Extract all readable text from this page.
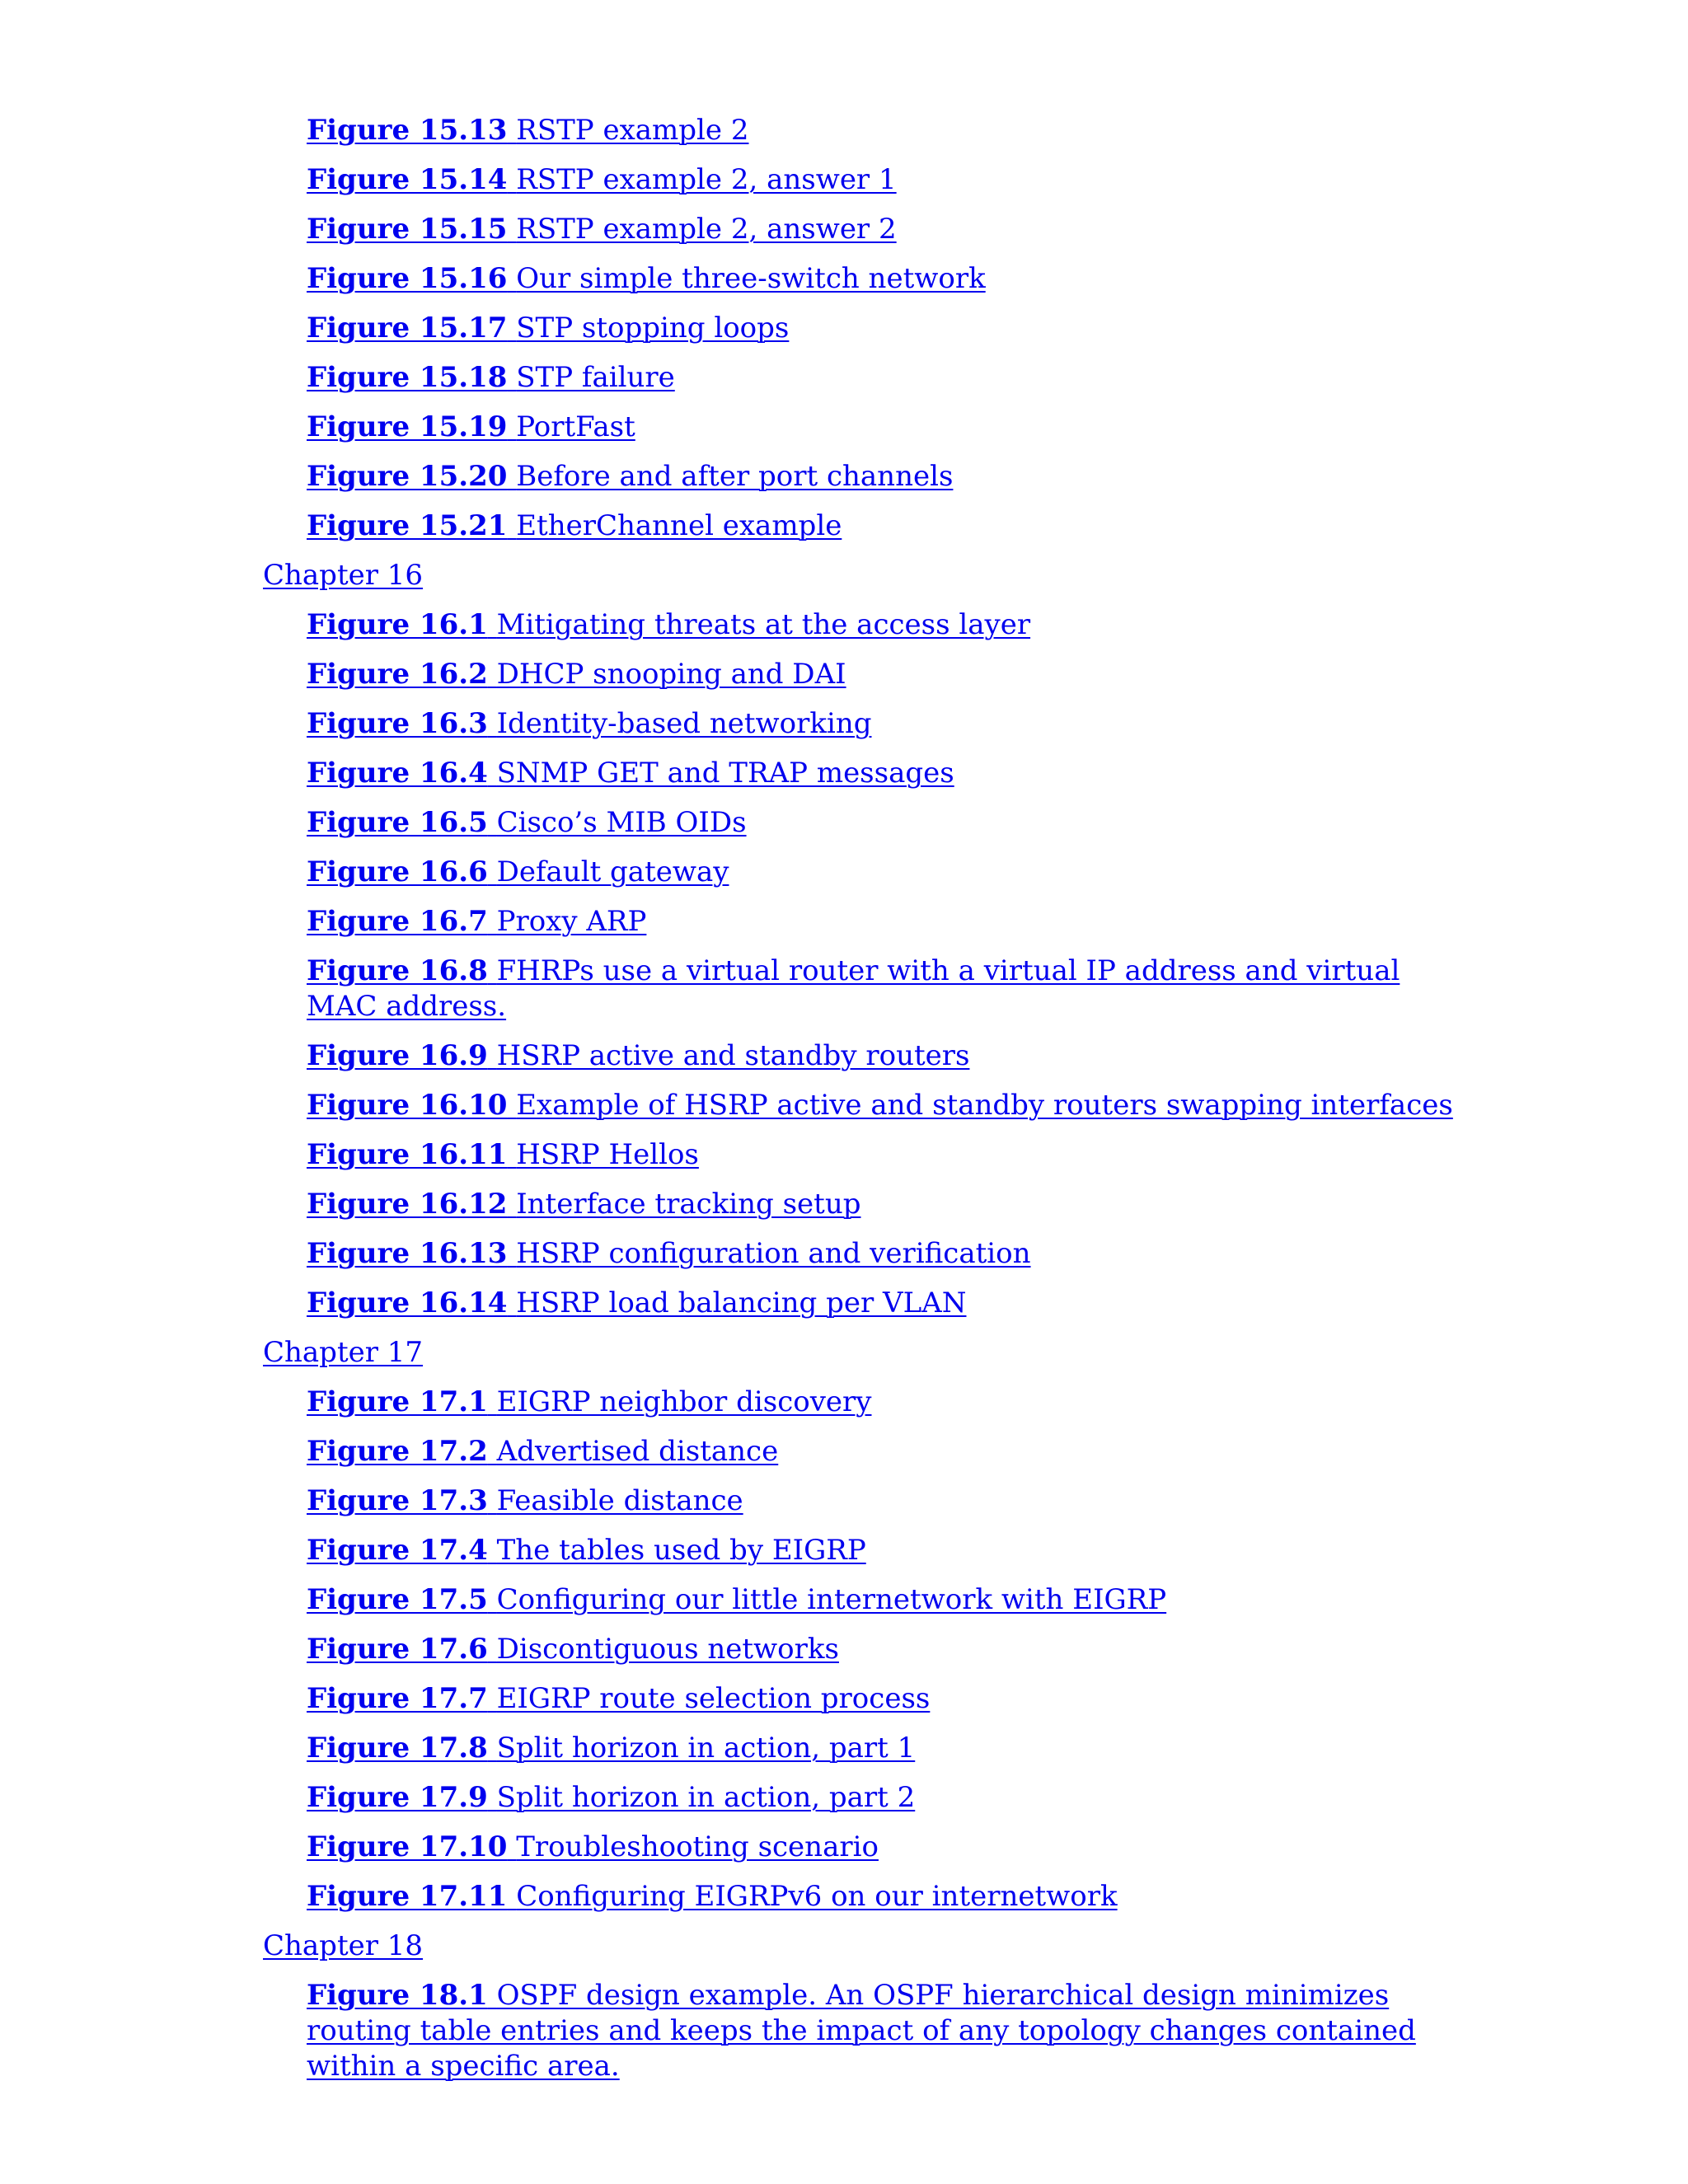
Figure 15.13 RSTP example 2
Figure 15.14 RSTP example 2, answer 1
Figure 15.15 RSTP example 2, answer 2
Figure 15.16 Our simple three-switch network
Figure 15.17 STP stopping loops
Figure 15.18 STP failure
Figure 15.19 PortFast
Figure 15.20 Before and after port channels
Figure 15.21 EtherChannel example
Chapter 16
Figure 16.1 Mitigating threats at the access layer
Figure 16.2 DHCP snooping and DAI
Figure 16.3 Identity-based networking
Figure 16.4 SNMP GET and TRAP messages
Figure 16.5 Cisco’s MIB OIDs
Figure 16.6 Default gateway
Figure 16.7 Proxy ARP
Figure 16.8 FHRPs use a virtual router with a virtual IP address and virtual MAC address.
Figure 16.9 HSRP active and standby routers
Figure 16.10 Example of HSRP active and standby routers swapping interfaces
Figure 16.11 HSRP Hellos
Figure 16.12 Interface tracking setup
Figure 16.13 HSRP configuration and verification
Figure 16.14 HSRP load balancing per VLAN
Chapter 17
Figure 17.1 EIGRP neighbor discovery
Figure 17.2 Advertised distance
Figure 17.3 Feasible distance
Figure 17.4 The tables used by EIGRP
Figure 17.5 Configuring our little internetwork with EIGRP
Figure 17.6 Discontiguous networks
Figure 17.7 EIGRP route selection process
Figure 17.8 Split horizon in action, part 1
Figure 17.9 Split horizon in action, part 2
Figure 17.10 Troubleshooting scenario
Figure 17.11 Configuring EIGRPv6 on our internetwork
Chapter 18
Figure 18.1 OSPF design example. An OSPF hierarchical design minimizes routing table entries and keeps the impact of any topology changes contained within a specific area.
